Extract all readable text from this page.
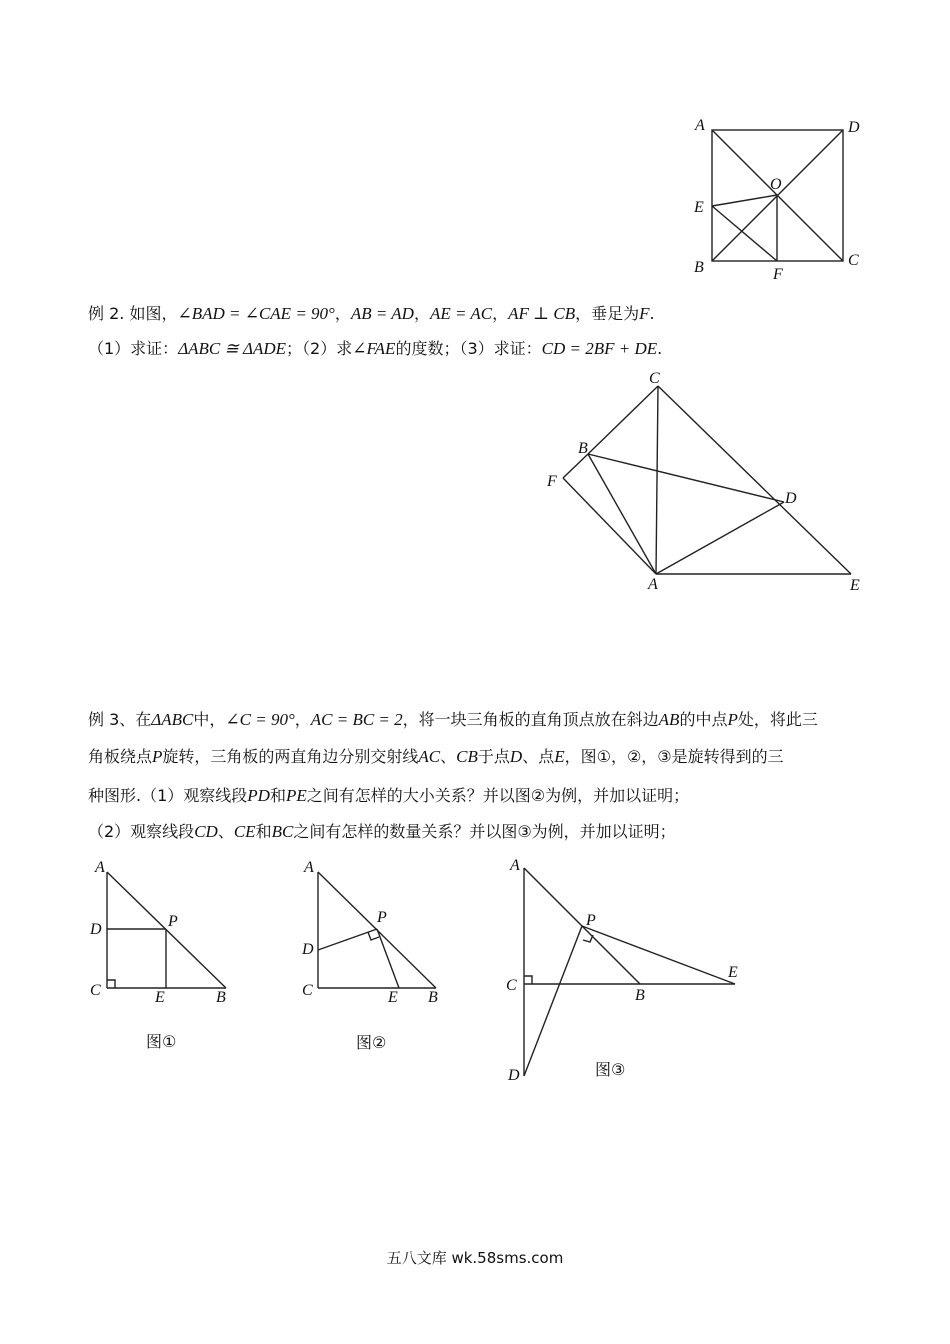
A	D
O
E
B	F
C
例 2. 如图，∠BAD = ∠CAE = 90°，AB = AD，AE = AC，AF ⊥ CB，垂足为F.
（1）求证：ΔABC ≅ ΔADE；（2）求∠FAE的度数；（3）求证：CD = 2BF + DE.
C
B
F
D
A	E
例 3、在ΔABC中，∠C = 90°，AC = BC = 2，将一块三角板的直角顶点放在斜边AB的中点P处，将此三
角板绕点P旋转，三角板的两直角边分别交射线AC、CB于点D、点E，图①，②，③是旋转得到的三
种图形.（1）观察线段PD和PE之间有怎样的大小关系？并以图②为例，并加以证明；
（2）观察线段CD、CE和BC之间有怎样的数量关系？并以图③为例，并加以证明；
A
D	P
C	E	B
图①
A
D
P
C	E B
图②
A
P
C
B
E
D	图③
五八文库 wk.58sms.com
